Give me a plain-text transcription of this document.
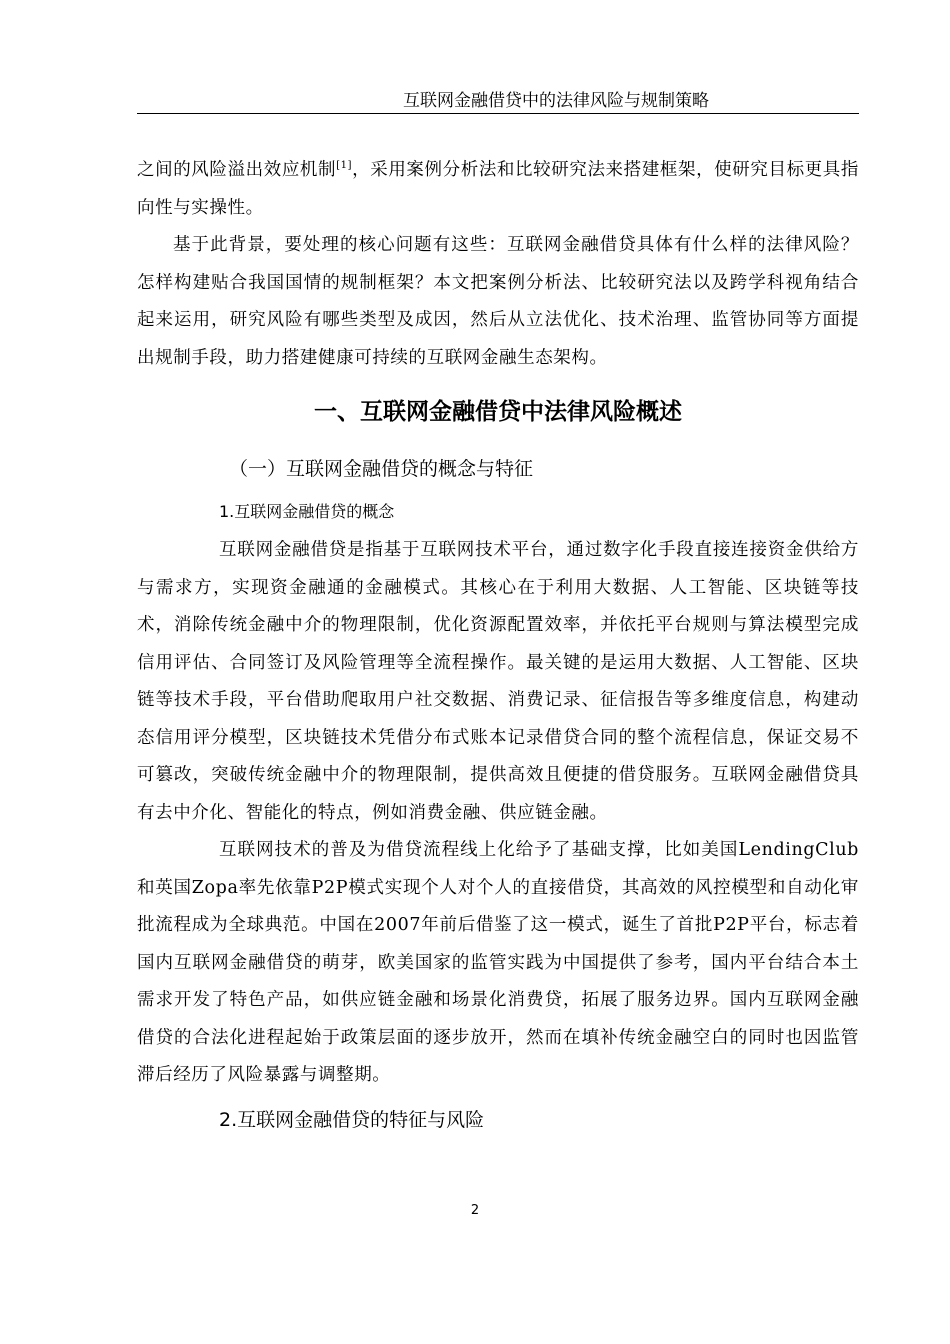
互联网金融借贷中的法律风险与规制策略

之间的风险溢出效应机制[1]，采用案例分析法和比较研究法来搭建框架，使研究目标更具指向性与实操性。

基于此背景，要处理的核心问题有这些：互联网金融借贷具体有什么样的法律风险？怎样构建贴合我国国情的规制框架？本文把案例分析法、比较研究法以及跨学科视角结合起来运用，研究风险有哪些类型及成因，然后从立法优化、技术治理、监管协同等方面提出规制手段，助力搭建健康可持续的互联网金融生态架构。

一、互联网金融借贷中法律风险概述
（一）互联网金融借贷的概念与特征
1.互联网金融借贷的概念

互联网金融借贷是指基于互联网技术平台，通过数字化手段直接连接资金供给方与需求方，实现资金融通的金融模式。其核心在于利用大数据、人工智能、区块链等技术，消除传统金融中介的物理限制，优化资源配置效率，并依托平台规则与算法模型完成信用评估、合同签订及风险管理等全流程操作。最关键的是运用大数据、人工智能、区块链等技术手段，平台借助爬取用户社交数据、消费记录、征信报告等多维度信息，构建动态信用评分模型，区块链技术凭借分布式账本记录借贷合同的整个流程信息，保证交易不可篡改，突破传统金融中介的物理限制，提供高效且便捷的借贷服务。互联网金融借贷具有去中介化、智能化的特点，例如消费金融、供应链金融。

互联网技术的普及为借贷流程线上化给予了基础支撑，比如美国LendingClub和英国Zopa率先依靠P2P模式实现个人对个人的直接借贷，其高效的风控模型和自动化审批流程成为全球典范。中国在2007年前后借鉴了这一模式，诞生了首批P2P平台，标志着国内互联网金融借贷的萌芽，欧美国家的监管实践为中国提供了参考，国内平台结合本土需求开发了特色产品，如供应链金融和场景化消费贷，拓展了服务边界。国内互联网金融借贷的合法化进程起始于政策层面的逐步放开，然而在填补传统金融空白的同时也因监管滞后经历了风险暴露与调整期。

2.互联网金融借贷的特征与风险
2
